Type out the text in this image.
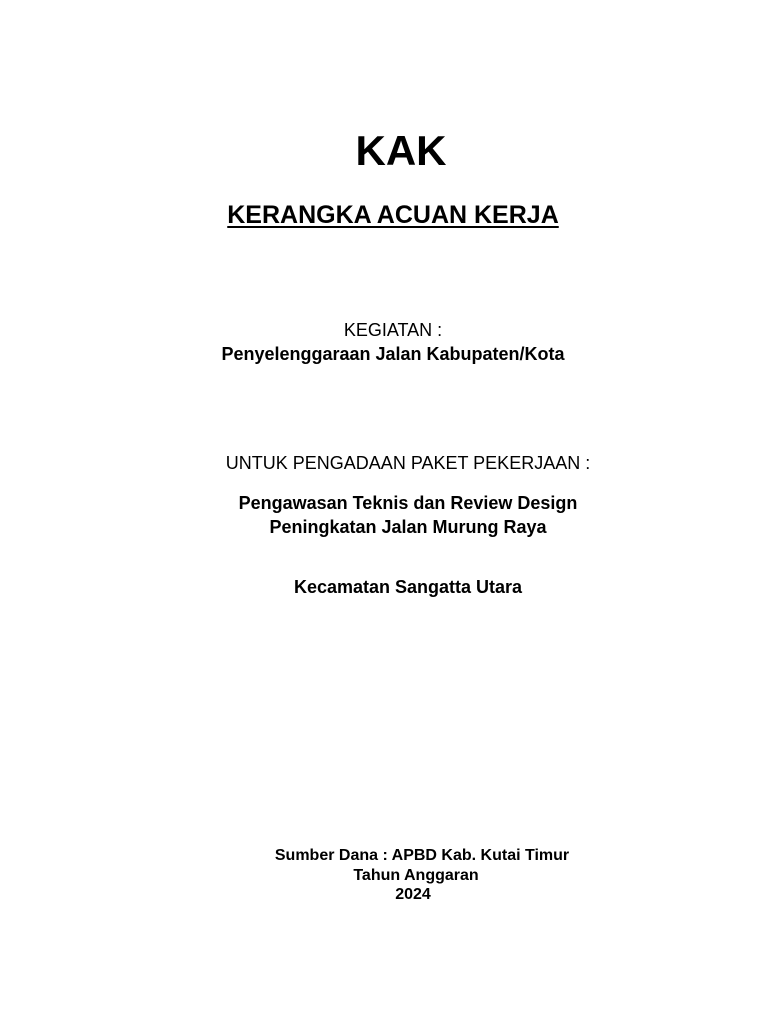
KAK
KERANGKA ACUAN KERJA
KEGIATAN :
Penyelenggaraan Jalan Kabupaten/Kota
UNTUK PENGADAAN PAKET PEKERJAAN :
Pengawasan Teknis dan Review Design
Peningkatan Jalan Murung Raya
Kecamatan Sangatta Utara
Sumber Dana : APBD Kab. Kutai Timur
Tahun Anggaran
2024
